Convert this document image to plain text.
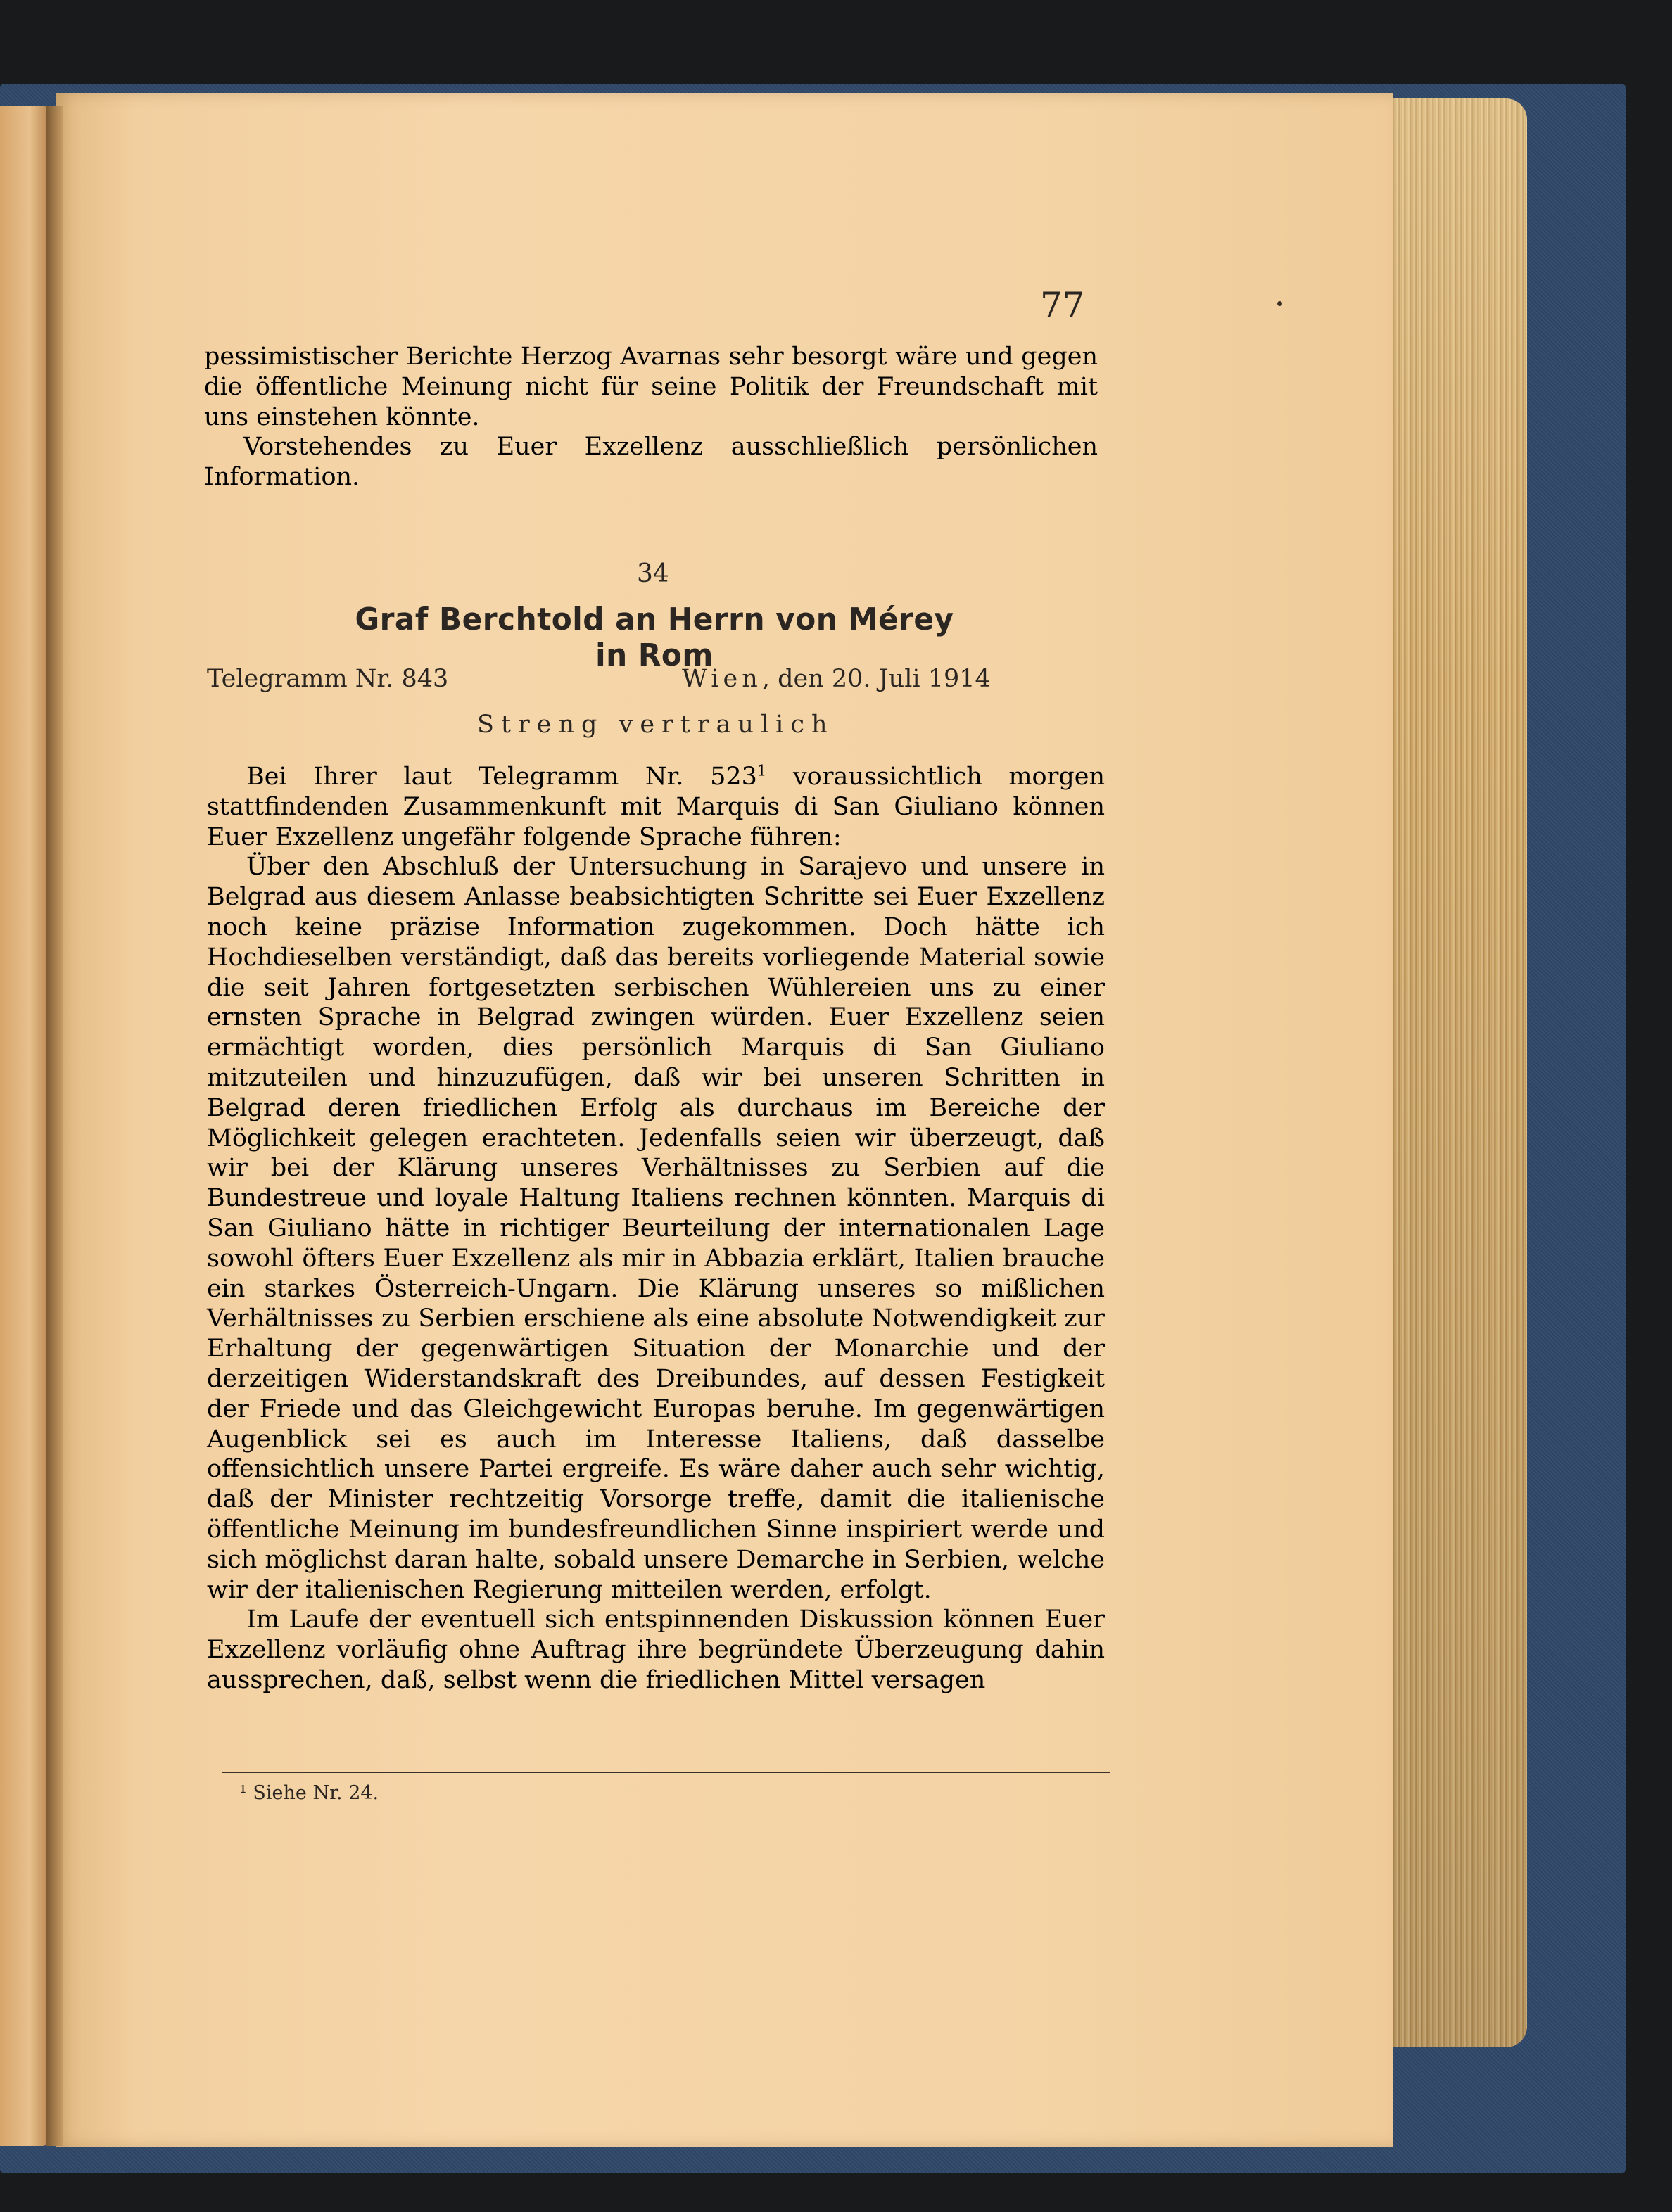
77

pessimistischer Berichte Herzog Avarnas sehr besorgt wäre und gegen die öffentliche Meinung nicht für seine Politik der Freundschaft mit uns einstehen könnte.

Vorstehendes zu Euer Exzellenz ausschließlich persönlichen Information.

34
Graf Berchtold an Herrn von Mérey in Rom
Telegramm Nr. 843	Wien, den 20. Juli 1914
Streng vertraulich

Bei Ihrer laut Telegramm Nr. $523^1$ voraussichtlich morgen stattfindenden Zusammenkunft mit Marquis di San Giuliano können Euer Exzellenz ungefähr folgende Sprache führen:

Über den Abschluß der Untersuchung in Sarajevo und unsere in Belgrad aus diesem Anlasse beabsichtigten Schritte sei Euer Exzellenz noch keine präzise Information zugekommen. Doch hätte ich Hochdieselben verständigt, daß das bereits vorliegende Material sowie die seit Jahren fortgesetzten serbischen Wühlereien uns zu einer ernsten Sprache in Belgrad zwingen würden. Euer Exzellenz seien ermächtigt worden, dies persönlich Marquis di San Giuliano mitzuteilen und hinzuzufügen, daß wir bei unseren Schritten in Belgrad deren friedlichen Erfolg als durchaus im Bereiche der Möglichkeit gelegen erachteten. Jedenfalls seien wir überzeugt, daß wir bei der Klärung unseres Verhältnisses zu Serbien auf die Bundestreue und loyale Haltung Italiens rechnen könnten. Marquis di San Giuliano hätte in richtiger Beurteilung der internationalen Lage sowohl öfters Euer Exzellenz als mir in Abbazia erklärt, Italien brauche ein starkes Österreich-Ungarn. Die Klärung unseres so mißlichen Verhältnisses zu Serbien erschiene als eine absolute Notwendigkeit zur Erhaltung der gegenwärtigen Situation der Monarchie und der derzeitigen Widerstandskraft des Dreibundes, auf dessen Festigkeit der Friede und das Gleichgewicht Europas beruhe. Im gegenwärtigen Augenblick sei es auch im Interesse Italiens, daß dasselbe offensichtlich unsere Partei ergreife. Es wäre daher auch sehr wichtig, daß der Minister rechtzeitig Vorsorge treffe, damit die italienische öffentliche Meinung im bundesfreundlichen Sinne inspiriert werde und sich möglichst daran halte, sobald unsere Demarche in Serbien, welche wir der italienischen Regierung mitteilen werden, erfolgt.

Im Laufe der eventuell sich entspinnenden Diskussion können Euer Exzellenz vorläufig ohne Auftrag ihre begründete Überzeugung dahin aussprechen, daß, selbst wenn die friedlichen Mittel versagen

¹ Siehe Nr. 24.
